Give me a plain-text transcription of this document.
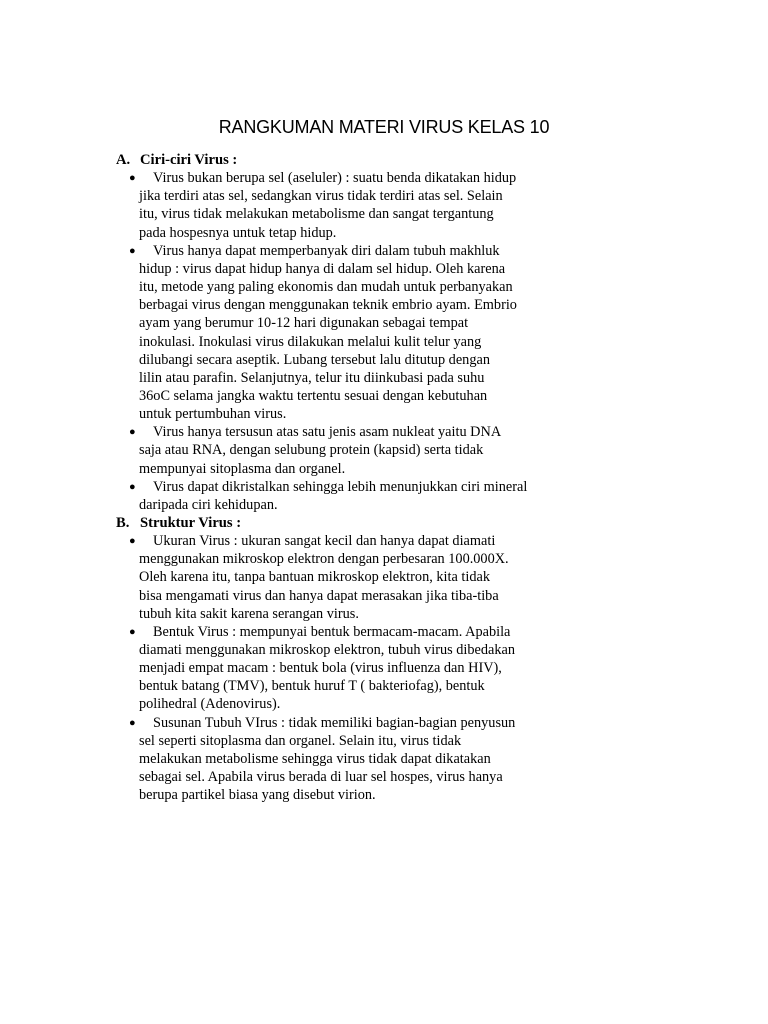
RANGKUMAN MATERI VIRUS KELAS 10
A. Ciri-ciri Virus :
● Virus bukan berupa sel (aseluler) : suatu benda dikatakan hidup
jika terdiri atas sel, sedangkan virus tidak terdiri atas sel. Selain
itu, virus tidak melakukan metabolisme dan sangat tergantung
pada hospesnya untuk tetap hidup.
● Virus hanya dapat memperbanyak diri dalam tubuh makhluk
hidup : virus dapat hidup hanya di dalam sel hidup. Oleh karena
itu, metode yang paling ekonomis dan mudah untuk perbanyakan
berbagai virus dengan menggunakan teknik embrio ayam. Embrio
ayam yang berumur 10-12 hari digunakan sebagai tempat
inokulasi. Inokulasi virus dilakukan melalui kulit telur yang
dilubangi secara aseptik. Lubang tersebut lalu ditutup dengan
lilin atau parafin. Selanjutnya, telur itu diinkubasi pada suhu
36oC selama jangka waktu tertentu sesuai dengan kebutuhan
untuk pertumbuhan virus.
● Virus hanya tersusun atas satu jenis asam nukleat yaitu DNA
saja atau RNA, dengan selubung protein (kapsid) serta tidak
mempunyai sitoplasma dan organel.
● Virus dapat dikristalkan sehingga lebih menunjukkan ciri mineral
daripada ciri kehidupan.
B. Struktur Virus :
● Ukuran Virus : ukuran sangat kecil dan hanya dapat diamati
menggunakan mikroskop elektron dengan perbesaran 100.000X.
Oleh karena itu, tanpa bantuan mikroskop elektron, kita tidak
bisa mengamati virus dan hanya dapat merasakan jika tiba-tiba
tubuh kita sakit karena serangan virus.
● Bentuk Virus : mempunyai bentuk bermacam-macam. Apabila
diamati menggunakan mikroskop elektron, tubuh virus dibedakan
menjadi empat macam : bentuk bola (virus influenza dan HIV),
bentuk batang (TMV), bentuk huruf T ( bakteriofag), bentuk
polihedral (Adenovirus).
● Susunan Tubuh VIrus : tidak memiliki bagian-bagian penyusun
sel seperti sitoplasma dan organel. Selain itu, virus tidak
melakukan metabolisme sehingga virus tidak dapat dikatakan
sebagai sel. Apabila virus berada di luar sel hospes, virus hanya
berupa partikel biasa yang disebut virion.
